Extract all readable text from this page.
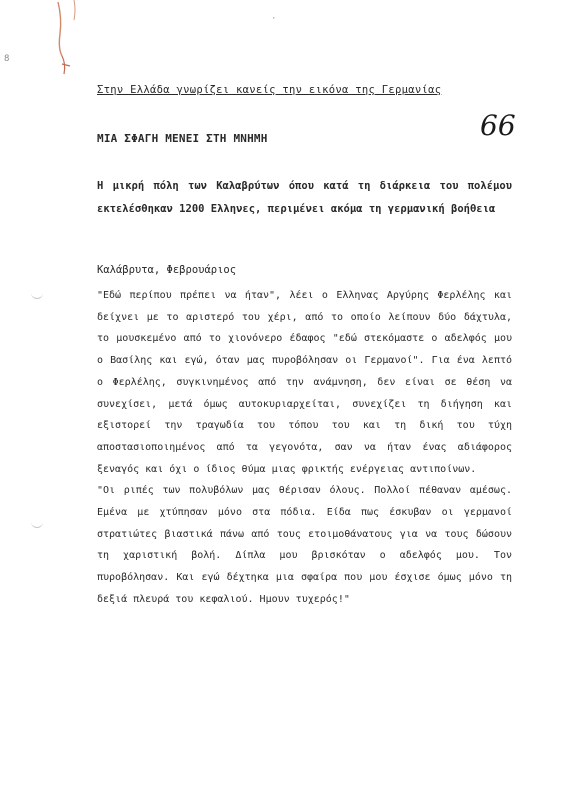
·
8
Στην Ελλάδα γνωρίζει κανείς την εικόνα της Γερμανίας
66
ΜΙΑ ΣΦΑΓΗ ΜΕΝΕΙ ΣΤΗ ΜΝΗΜΗ
Η μικρή πόλη των Καλαβρύτων όπου κατά τη διάρκεια του πολέμου εκτελέσθηκαν 1200 Ελληνες, περιμένει ακόμα τη γερμανική βοήθεια
Καλάβρυτα, Φεβρουάριος

"Εδώ περίπου πρέπει να ήταν", λέει ο Ελληνας Αργύρης Φερλέλης και δείχνει με το αριστερό του χέρι, από το οποίο λείπουν δύο δάχτυλα, το μουσκεμένο από το χιονόνερο έδαφος "εδώ στεκόμαστε ο αδελφός μου ο Βασίλης και εγώ, όταν μας πυροβόλησαν οι Γερμανοί". Για ένα λεπτό ο Φερλέλης, συγκινημένος από την ανάμνηση, δεν είναι σε θέση να συνεχίσει, μετά όμως αυτοκυριαρχείται, συνεχίζει τη διήγηση και εξιστορεί την τραγωδία του τόπου του και τη δική του τύχη αποστασιοποιημένος από τα γεγονότα, σαν να ήταν ένας αδιάφορος ξεναγός και όχι ο ίδιος θύμα μιας φρικτής ενέργειας αντιποίνων.

"Οι ριπές των πολυβόλων μας θέρισαν όλους. Πολλοί πέθαναν αμέσως. Εμένα με χτύπησαν μόνο στα πόδια. Είδα πως έσκυβαν οι γερμανοί στρατιώτες βιαστικά πάνω από τους ετοιμοθάνατους για να τους δώσουν τη χαριστική βολή. Δίπλα μου βρισκόταν ο αδελφός μου. Τον πυροβόλησαν. Και εγώ δέχτηκα μια σφαίρα που μου έσχισε όμως μόνο τη δεξιά πλευρά του κεφαλιού. Ημουν τυχερός!"
